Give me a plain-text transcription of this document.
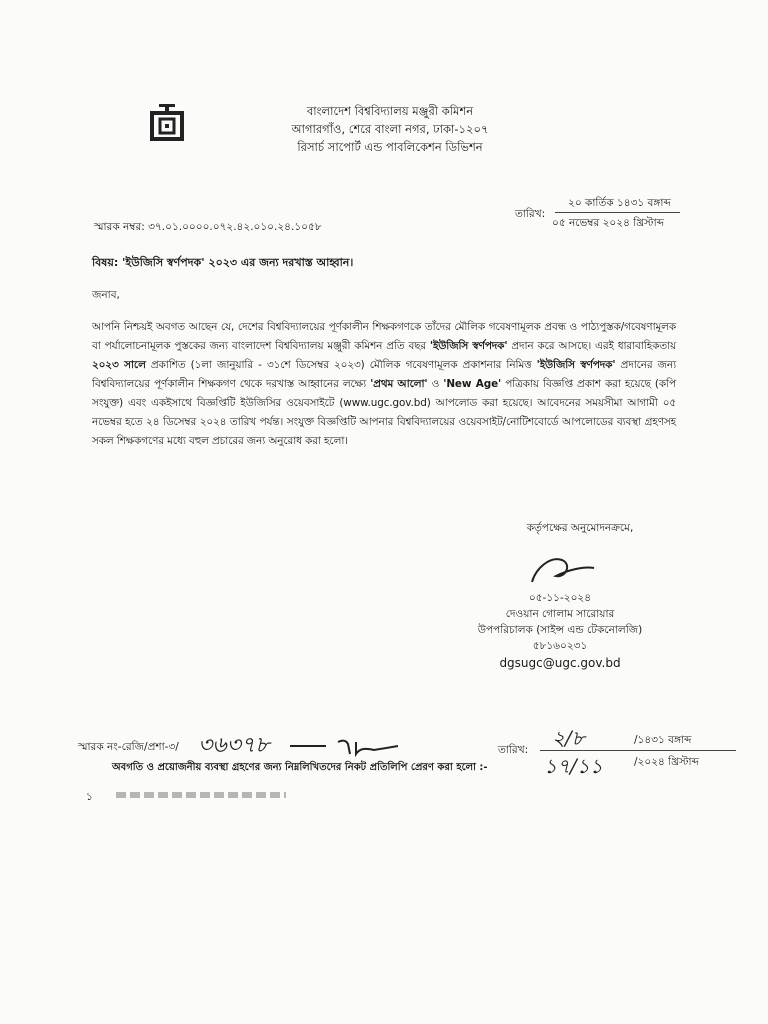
বাংলাদেশ বিশ্ববিদ্যালয় মঞ্জুরী কমিশন
আগারগাঁও, শেরে বাংলা নগর, ঢাকা-১২০৭
রিসার্চ সাপোর্ট এন্ড পাবলিকেশন ডিভিশন
২০ কার্তিক ১৪৩১ বঙ্গাব্দ
তারিখ:
০৫ নভেম্বর ২০২৪ খ্রিস্টাব্দ
স্মারক নম্বর: ৩৭.০১.০০০০.০৭২.৪২.০১০.২৪.১০৫৮
বিষয়: 'ইউজিসি স্বর্ণপদক' ২০২৩ এর জন্য দরখাস্ত আহ্বান।
জনাব,
আপনি নিশ্চয়ই অবগত আছেন যে, দেশের বিশ্ববিদ্যালয়ের পূর্ণকালীন শিক্ষকগণকে তাঁদের মৌলিক গবেষণামূলক প্রবন্ধ ও পাঠ্যপুস্তক/গবেষণামূলক বা পর্যালোচনামূলক পুস্তকের জন্য বাংলাদেশ বিশ্ববিদ্যালয় মঞ্জুরী কমিশন প্রতি বছর 'ইউজিসি স্বর্ণপদক' প্রদান করে আসছে। এরই ধারাবাহিকতায় ২০২৩ সালে প্রকাশিত (১লা জানুয়ারি - ৩১শে ডিসেম্বর ২০২৩) মৌলিক গবেষণামূলক প্রকাশনার নিমিত্ত 'ইউজিসি স্বর্ণপদক' প্রদানের জন্য বিশ্ববিদ্যালয়ের পূর্ণকালীন শিক্ষকগণ থেকে দরখাস্ত আহ্বানের লক্ষ্যে 'প্রথম আলো' ও 'New Age' পত্রিকায় বিজ্ঞপ্তি প্রকাশ করা হয়েছে (কপি সংযুক্ত) এবং একইসাথে বিজ্ঞপ্তিটি ইউজিসির ওয়েবসাইটে (www.ugc.gov.bd) আপলোড করা হয়েছে। আবেদনের সময়সীমা আগামী ০৫ নভেম্বর হতে ২৪ ডিসেম্বর ২০২৪ তারিখ পর্যন্ত। সংযুক্ত বিজ্ঞপ্তিটি আপনার বিশ্ববিদ্যালয়ের ওয়েবসাইট/নোটিশবোর্ডে আপলোডের ব্যবস্থা গ্রহণসহ সকল শিক্ষকগণের মধ্যে বহুল প্রচারের জন্য অনুরোধ করা হলো।
কর্তৃপক্ষের অনুমোদনক্রমে,
০৫-১১-২০২৪
দেওয়ান গোলাম সারোয়ার
উপপরিচালক (সাইন্স এন্ড টেকনোলজি)
৫৮১৬০২৩১
dgsugc@ugc.gov.bd
স্মারক নং-রেজি/প্রশা-৩/ ৩৬৩৭৮	তারিখ: ২/৮	/১৪৩১ বঙ্গাব্দ
১৭/১১	/২০২৪ খ্রিস্টাব্দ
অবগতি ও প্রয়োজনীয় ব্যবস্থা গ্রহণের জন্য নিম্নলিখিতদের নিকট প্রতিলিপি প্রেরণ করা হলো :-
১
